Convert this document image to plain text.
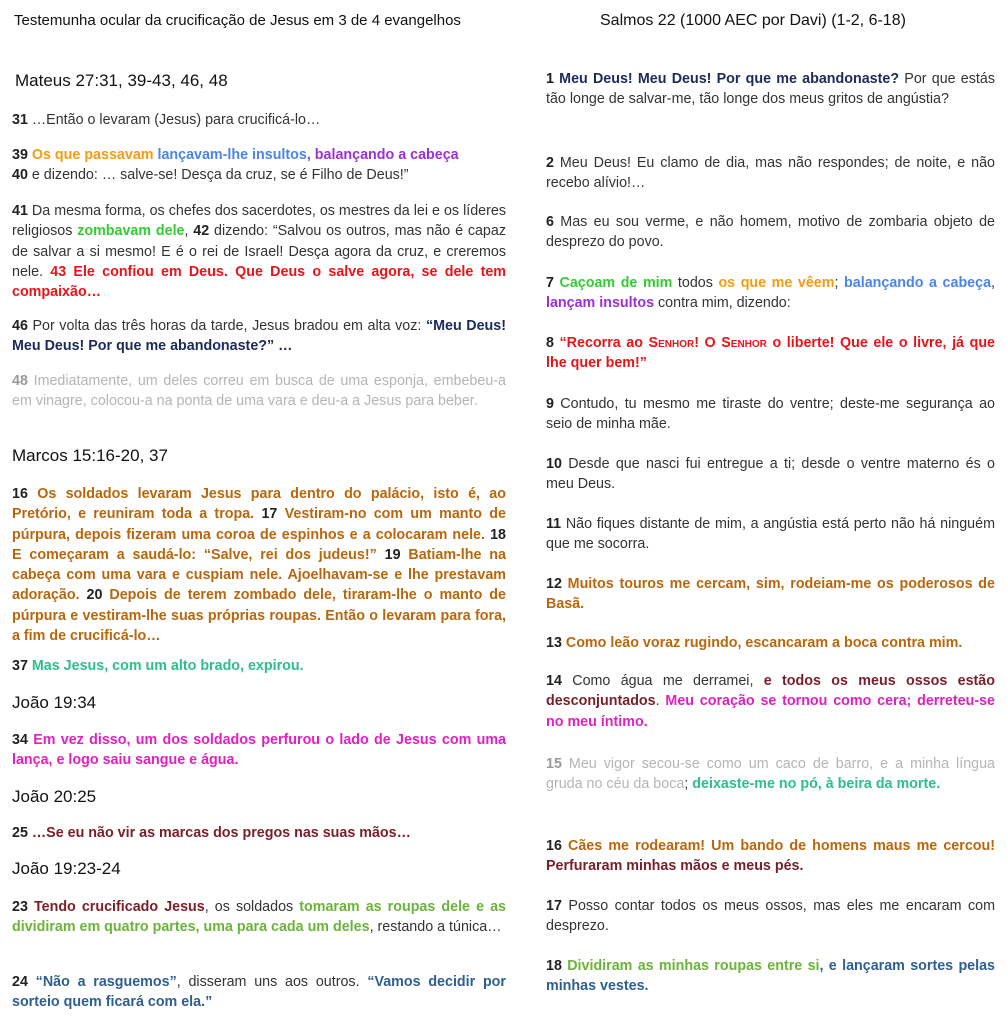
Testemunha ocular da crucificação de Jesus em 3 de 4 evangelhos
Mateus 27:31, 39-43, 46, 48
31 …Então o levaram (Jesus) para crucificá-lo…
39 Os que passavam lançavam-lhe insultos, balançando a cabeça
40 e dizendo: … salve-se! Desça da cruz, se é Filho de Deus!”
41 Da mesma forma, os chefes dos sacerdotes, os mestres da lei e os líderes religiosos zombavam dele, 42 dizendo: “Salvou os outros, mas não é capaz de salvar a si mesmo! E é o rei de Israel! Desça agora da cruz, e creremos nele. 43 Ele confiou em Deus. Que Deus o salve agora, se dele tem compaixão…
46 Por volta das três horas da tarde, Jesus bradou em alta voz: “Meu Deus! Meu Deus! Por que me abandonaste?” …
48 Imediatamente, um deles correu em busca de uma esponja, embebeu-a em vinagre, colocou-a na ponta de uma vara e deu-a a Jesus para beber.
Marcos 15:16-20, 37
16 Os soldados levaram Jesus para dentro do palácio, isto é, ao Pretório, e reuniram toda a tropa. 17 Vestiram-no com um manto de púrpura, depois fizeram uma coroa de espinhos e a colocaram nele. 18 E começaram a saudá-lo: “Salve, rei dos judeus!” 19 Batiam-lhe na cabeça com uma vara e cuspiam nele. Ajoelhavam-se e lhe prestavam adoração. 20 Depois de terem zombado dele, tiraram-lhe o manto de púrpura e vestiram-lhe suas próprias roupas. Então o levaram para fora, a fim de crucificá-lo…
37 Mas Jesus, com um alto brado, expirou.
João 19:34
34 Em vez disso, um dos soldados perfurou o lado de Jesus com uma lança, e logo saiu sangue e água.
João 20:25
25 …Se eu não vir as marcas dos pregos nas suas mãos…
João 19:23-24
23 Tendo crucificado Jesus, os soldados tomaram as roupas dele e as dividiram em quatro partes, uma para cada um deles, restando a túnica…
24 “Não a rasguemos”, disseram uns aos outros. “Vamos decidir por sorteio quem ficará com ela.”
Salmos 22 (1000 AEC por Davi) (1-2, 6-18)
1 Meu Deus! Meu Deus! Por que me abandonaste? Por que estás tão longe de salvar-me, tão longe dos meus gritos de angústia?
2 Meu Deus! Eu clamo de dia, mas não respondes; de noite, e não recebo alívio!…
6 Mas eu sou verme, e não homem, motivo de zombaria objeto de desprezo do povo.
7 Caçoam de mim todos os que me vêem; balançando a cabeça, lançam insultos contra mim, dizendo:
8 “Recorra ao Senhor! O Senhor o liberte! Que ele o livre, já que lhe quer bem!”
9 Contudo, tu mesmo me tiraste do ventre; deste-me segurança ao seio de minha mãe.
10 Desde que nasci fui entregue a ti; desde o ventre materno és o meu Deus.
11 Não fiques distante de mim, a angústia está perto não há ninguém que me socorra.
12 Muitos touros me cercam, sim, rodeiam-me os poderosos de Basã.
13 Como leão voraz rugindo, escancaram a boca contra mim.
14 Como água me derramei, e todos os meus ossos estão desconjuntados. Meu coração se tornou como cera; derreteu-se no meu íntimo.
15 Meu vigor secou-se como um caco de barro, e a minha língua gruda no céu da boca; deixaste-me no pó, à beira da morte.
16 Cães me rodearam! Um bando de homens maus me cercou! Perfuraram minhas mãos e meus pés.
17 Posso contar todos os meus ossos, mas eles me encaram com desprezo.
18 Dividiram as minhas roupas entre si, e lançaram sortes pelas minhas vestes.
